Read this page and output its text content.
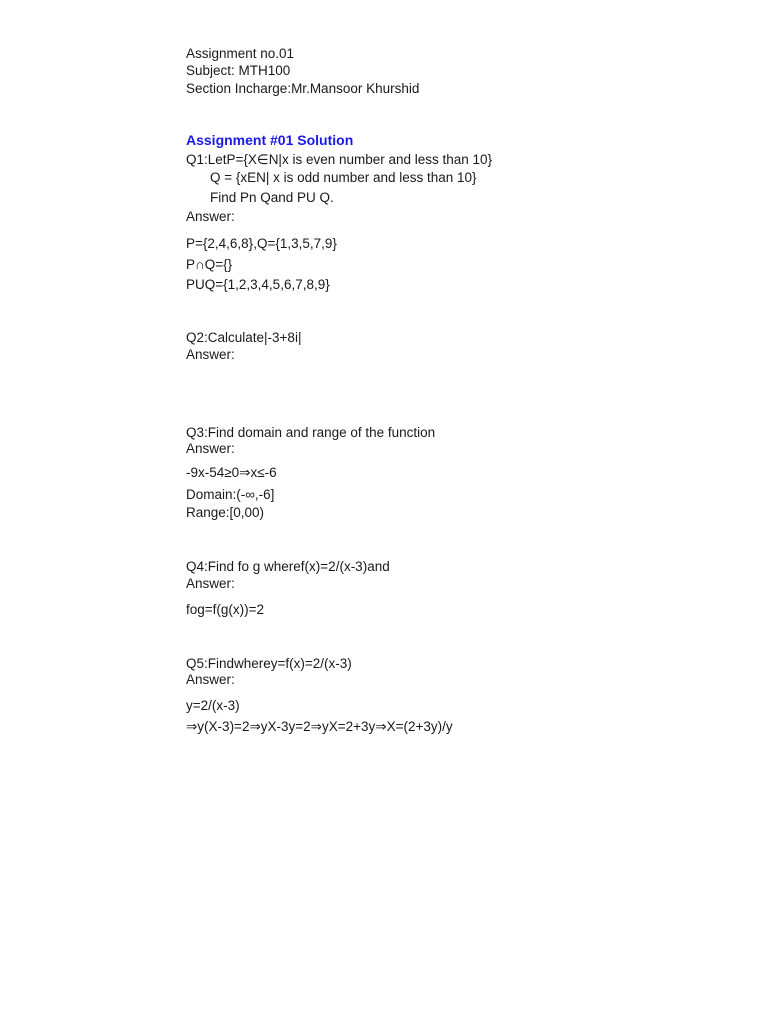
Assignment no.01
Subject: MTH100
Section Incharge:Mr.Mansoor Khurshid
Assignment #01 Solution
Q1:LetP={X∈N|x is even number and less than 10}
Q = {xEN| x is odd number and less than 10}
Find Pn Qand PU Q.
Answer:
P={2,4,6,8},Q={1,3,5,7,9}
P∩Q={}
PUQ={1,2,3,4,5,6,7,8,9}
Q2:Calculate|-3+8i|
Answer:
Q3:Find domain and range of the function
Answer:
-9x-54≥0⇒x≤-6
Domain:(-∞,-6]
Range:[0,00)
Q4:Find fo g wheref(x)=2/(x-3)and
Answer:
fog=f(g(x))=2
Q5:Findwherey=f(x)=2/(x-3)
Answer:
y=2/(x-3)
⇒y(X-3)=2⇒yX-3y=2⇒yX=2+3y⇒X=(2+3y)/y
